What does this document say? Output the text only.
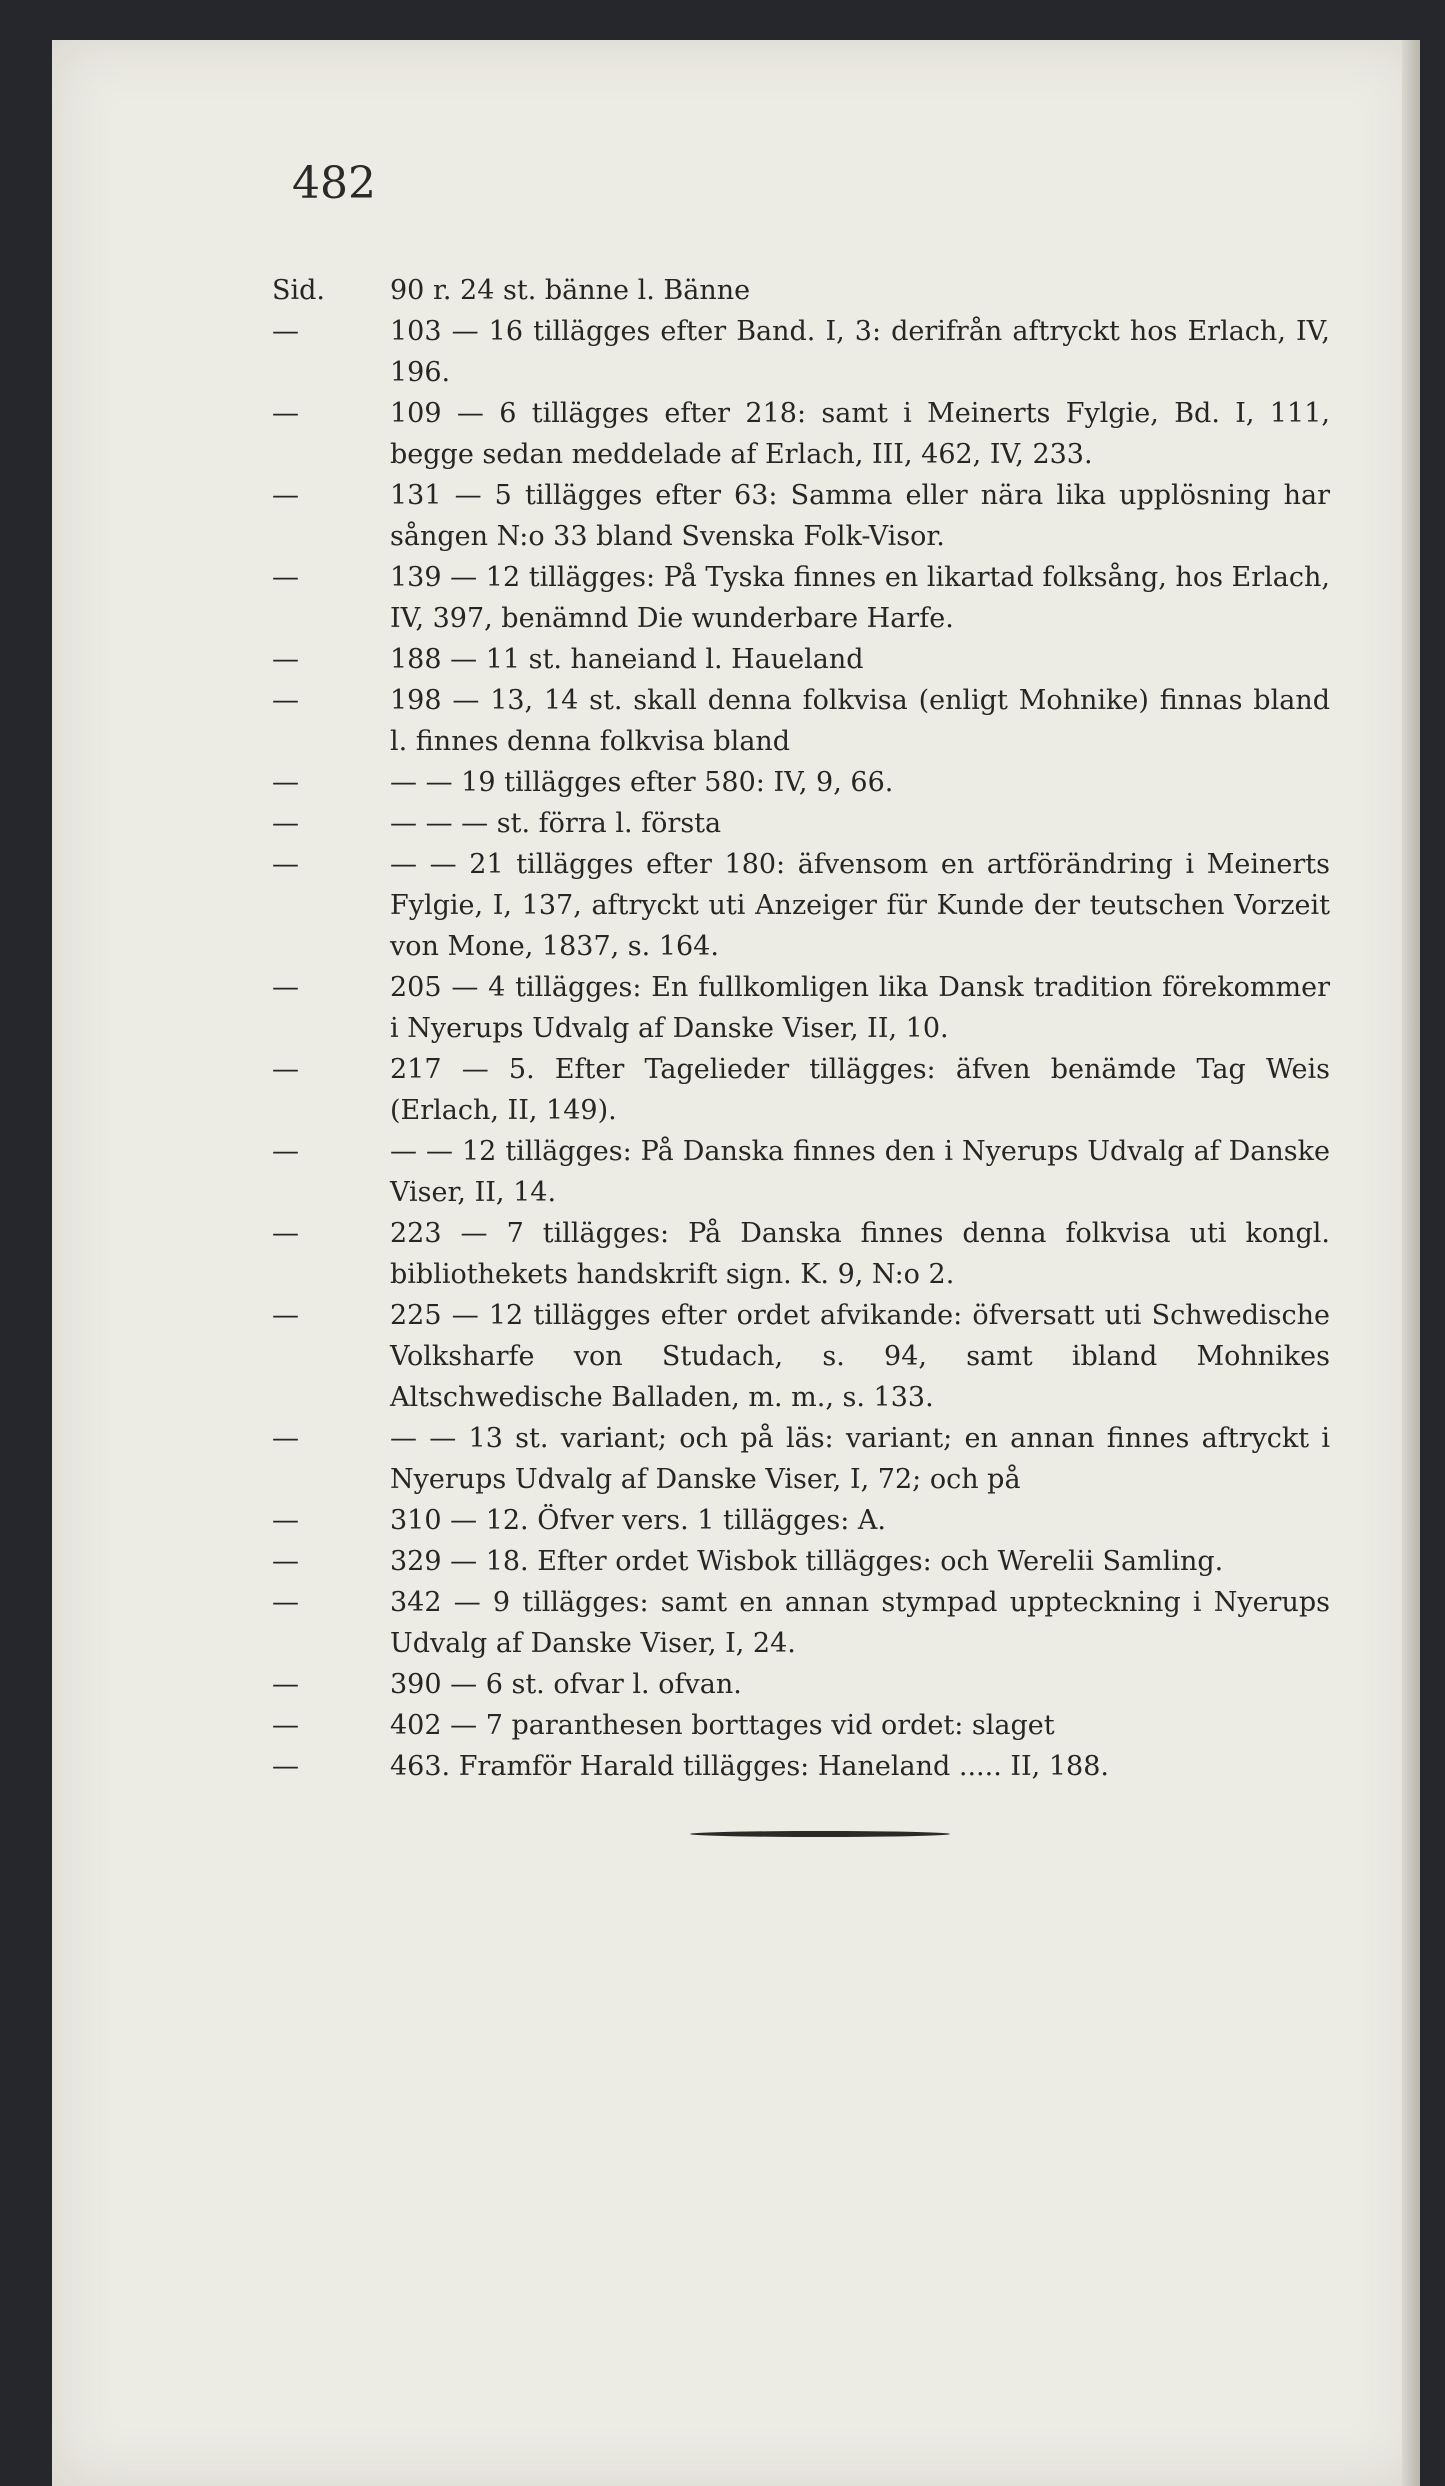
482

Sid.	90 r. 24 st. bänne l. Bänne

—	103 — 16 tillägges efter Band. I, 3: derifrån aftryckt hos Erlach, IV, 196.

—	109 — 6 tillägges efter 218: samt i Meinerts Fylgie, Bd. I, 111, begge sedan meddelade af Erlach, III, 462, IV, 233.

—	131 — 5 tillägges efter 63: Samma eller nära lika upplösning har sången N:o 33 bland Svenska Folk-Visor.

—	139 — 12 tillägges: På Tyska finnes en likartad folksång, hos Erlach, IV, 397, benämnd Die wunderbare Harfe.

—	188 — 11 st. haneiand l. Haueland

—	198 — 13, 14 st. skall denna folkvisa (enligt Mohnike) finnas bland l. finnes denna folkvisa bland

—	— — 19 tillägges efter 580: IV, 9, 66.

—	— — — st. förra l. första

—	— — 21 tillägges efter 180: äfvensom en artförändring i Meinerts Fylgie, I, 137, aftryckt uti Anzeiger für Kunde der teutschen Vorzeit von Mone, 1837, s. 164.

—	205 — 4 tillägges: En fullkomligen lika Dansk tradition förekommer i Nyerups Udvalg af Danske Viser, II, 10.

—	217 — 5. Efter Tagelieder tillägges: äfven benämde Tag Weis (Erlach, II, 149).

—	— — 12 tillägges: På Danska finnes den i Nyerups Udvalg af Danske Viser, II, 14.

—	223 — 7 tillägges: På Danska finnes denna folkvisa uti kongl. bibliothekets handskrift sign. K. 9, N:o 2.

—	225 — 12 tillägges efter ordet afvikande: öfversatt uti Schwedische Volksharfe von Studach, s. 94, samt ibland Mohnikes Altschwedische Balladen, m. m., s. 133.

—	— — 13 st. variant; och på läs: variant; en annan finnes aftryckt i Nyerups Udvalg af Danske Viser, I, 72; och på

—	310 — 12. Öfver vers. 1 tillägges: A.

—	329 — 18. Efter ordet Wisbok tillägges: och Werelii Samling.

—	342 — 9 tillägges: samt en annan stympad uppteckning i Nyerups Udvalg af Danske Viser, I, 24.

—	390 — 6 st. ofvar l. ofvan.

—	402 — 7 paranthesen borttages vid ordet: slaget

—	463. Framför Harald tillägges: Haneland ..... II, 188.
